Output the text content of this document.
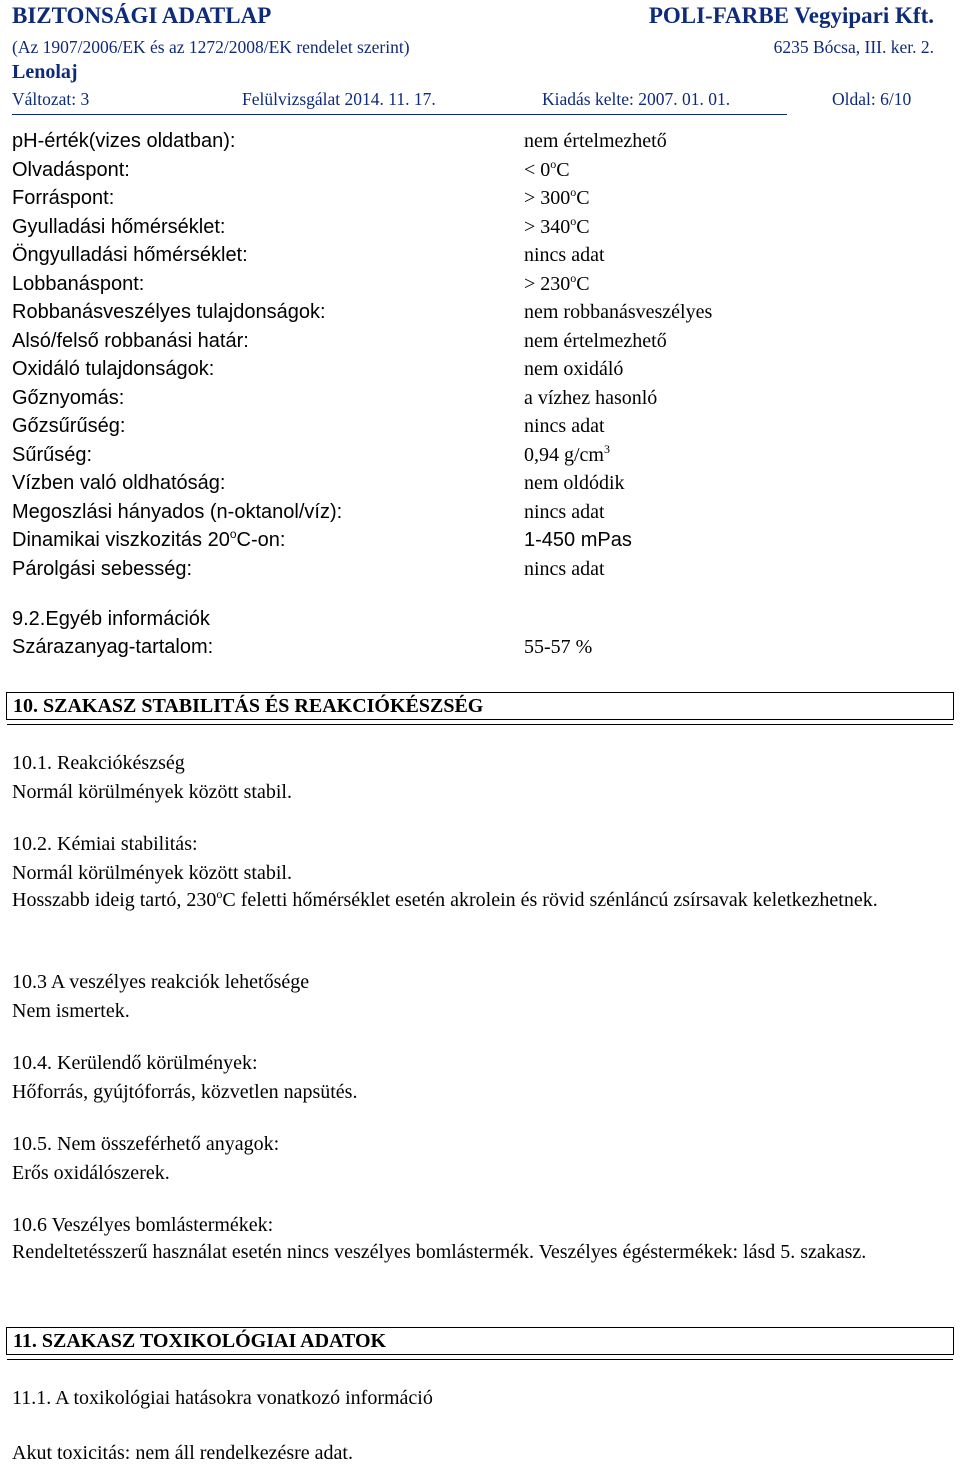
BIZTONSÁGI ADATLAP	POLI-FARBE Vegyipari Kft.
(Az 1907/2006/EK és az 1272/2008/EK rendelet szerint)	6235 Bócsa, III. ker. 2.
Lenolaj
Változat: 3	Felülvizsgálat 2014. 11. 17.	Kiadás kelte: 2007. 01. 01.	Oldal: 6/10
pH-érték(vizes oldatban):	nem értelmezhető
Olvadáspont:	< $0^oC$
Forráspont:	> $300^oC$
Gyulladási hőmérséklet:	> $340^oC$
Öngyulladási hőmérséklet:	nincs adat
Lobbanáspont:	> $230^oC$
Robbanásveszélyes tulajdonságok:	nem robbanásveszélyes
Alsó/felső robbanási határ:	nem értelmezhető
Oxidáló tulajdonságok:	nem oxidáló
Gőznyomás:	a vízhez hasonló
Gőzsűrűség:	nincs adat
Sűrűség:	0,94 $g/cm^3$
Vízben való oldhatóság:	nem oldódik
Megoszlási hányados (n-oktanol/víz):	nincs adat
Dinamikai viszkozitás 20$^o$C-on:	1-450 mPas
Párolgási sebesség:	nincs adat
9.2.Egyéb információk
Szárazanyag-tartalom:	55-57 %
10. SZAKASZ STABILITÁS ÉS REAKCIÓKÉSZSÉG
10.1. Reakciókészség
Normál körülmények között stabil.
10.2. Kémiai stabilitás:
Normál körülmények között stabil.
Hosszabb ideig tartó, 230$^o$C feletti hőmérséklet esetén akrolein és rövid szénláncú zsírsavak keletkezhetnek.
10.3 A veszélyes reakciók lehetősége
Nem ismertek.
10.4. Kerülendő körülmények:
Hőforrás, gyújtóforrás, közvetlen napsütés.
10.5. Nem összeférhető anyagok:
Erős oxidálószerek.
10.6 Veszélyes bomlástermékek:
Rendeltetésszerű használat esetén nincs veszélyes bomlástermék. Veszélyes égéstermékek: lásd 5. szakasz.
11. SZAKASZ TOXIKOLÓGIAI ADATOK
11.1. A toxikológiai hatásokra vonatkozó információ
Akut toxicitás: nem áll rendelkezésre adat.
